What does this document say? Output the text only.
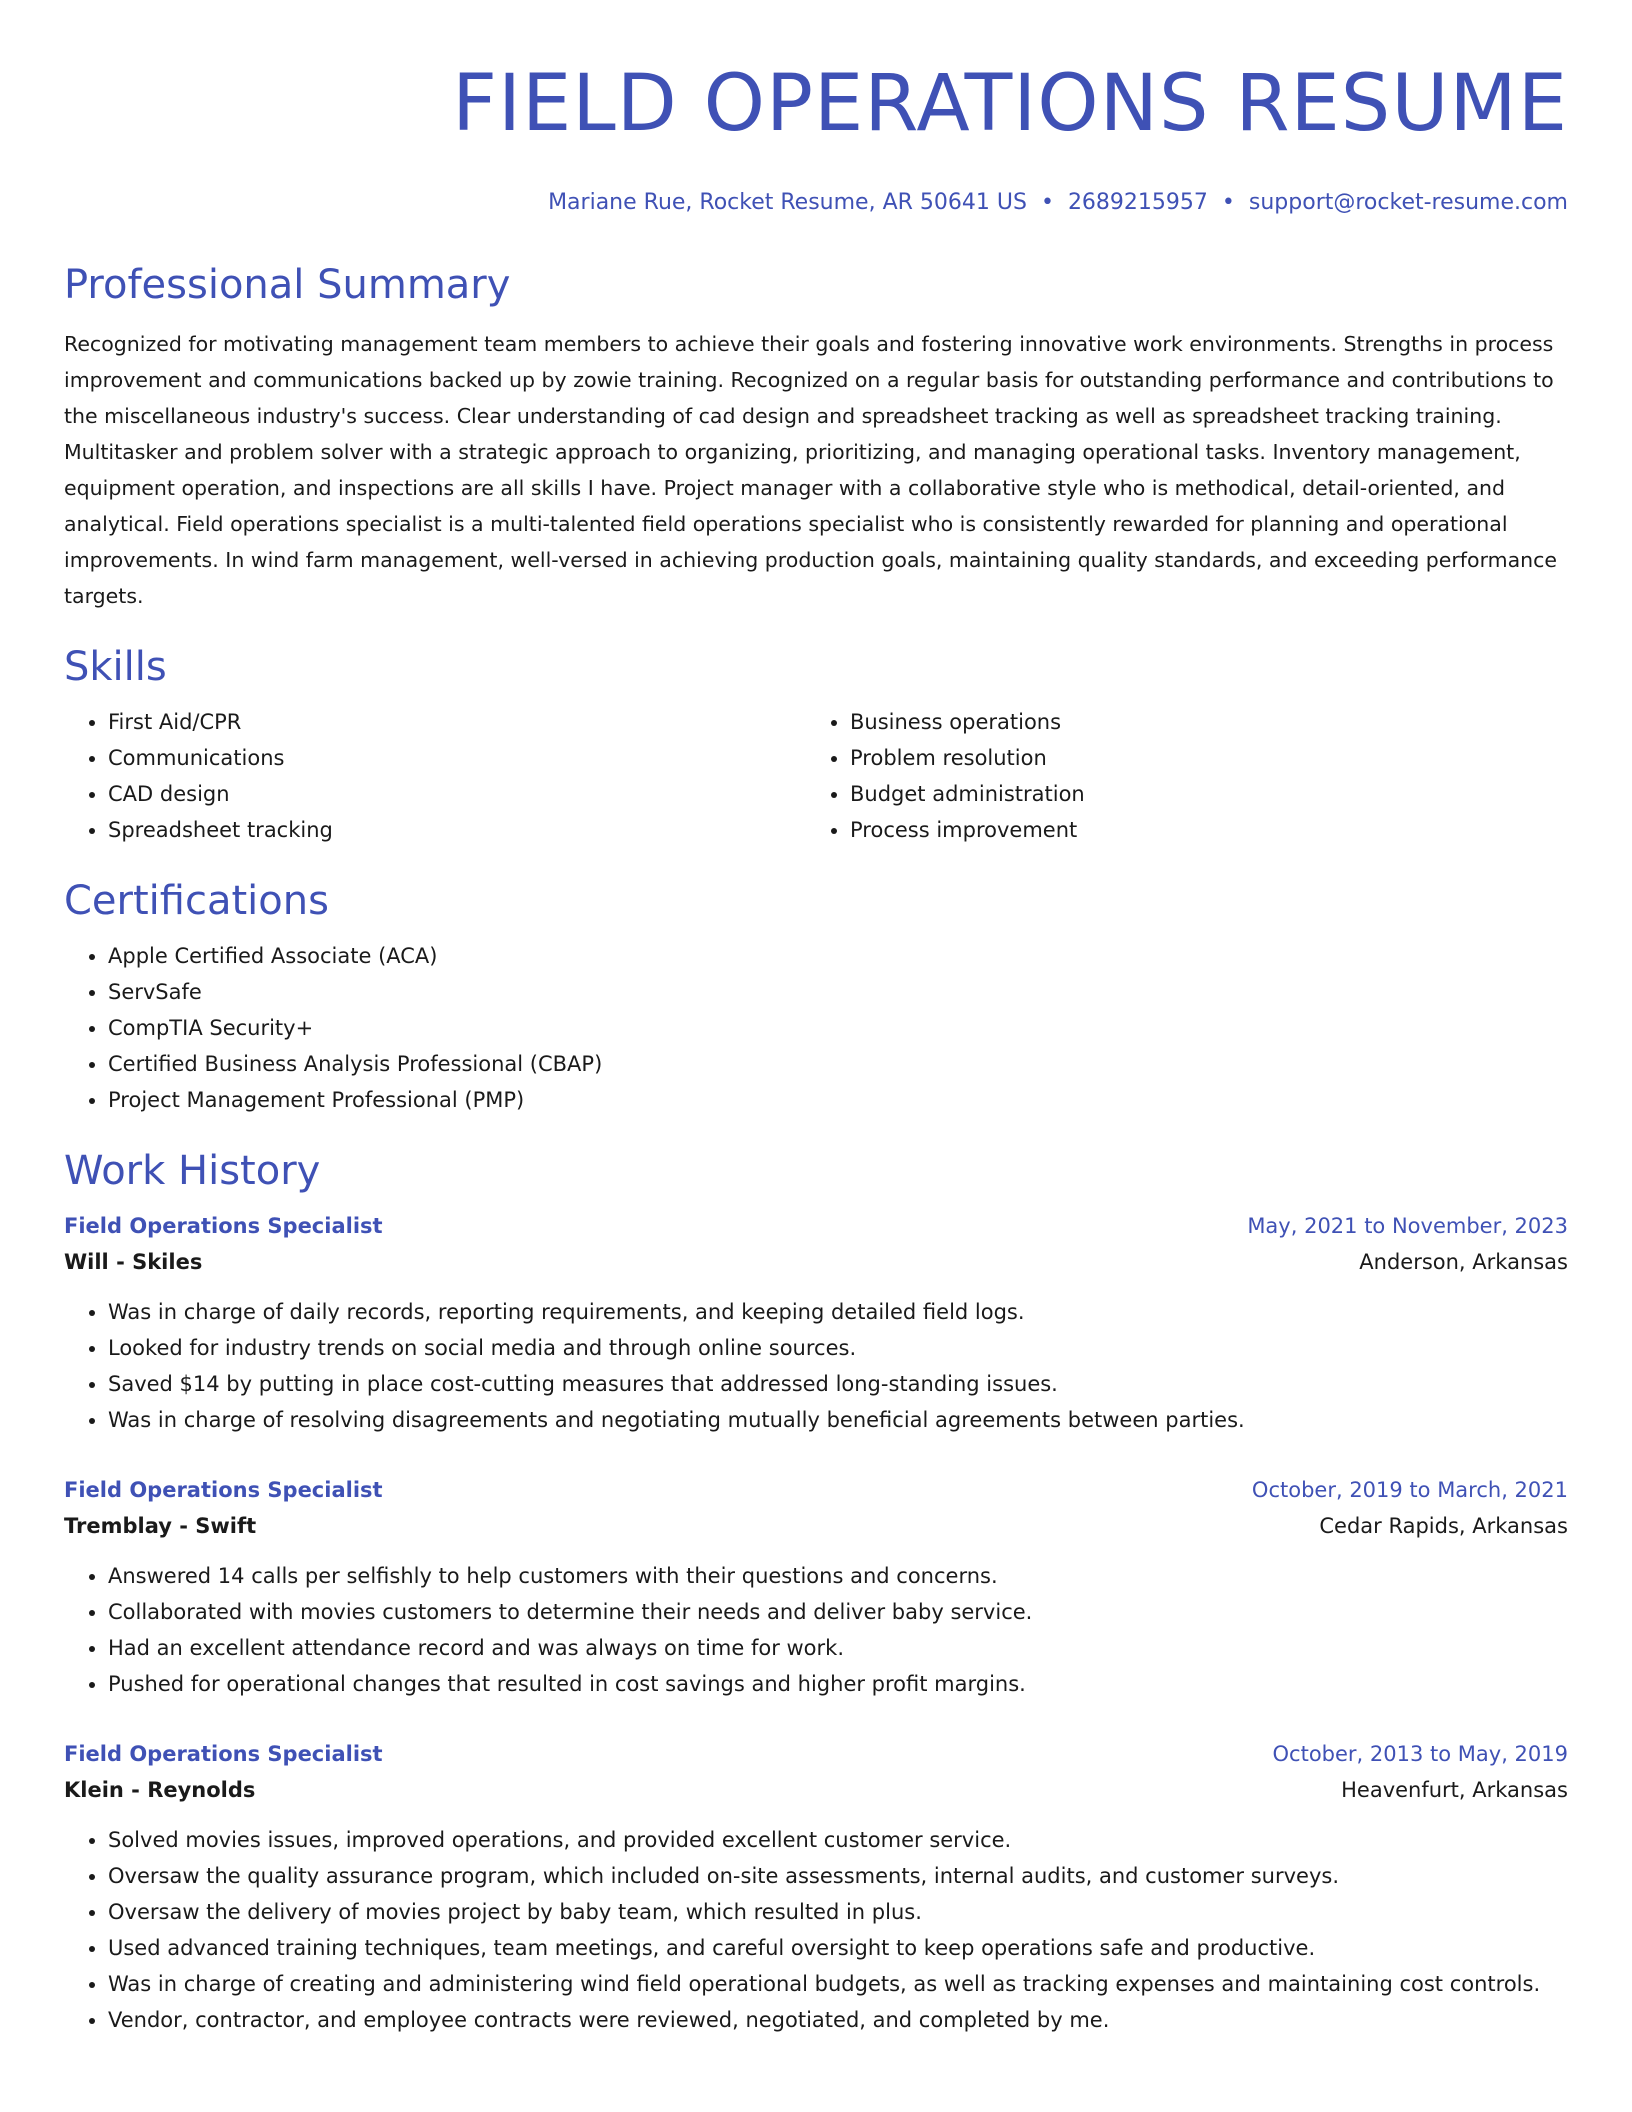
FIELD OPERATIONS RESUME
Mariane Rue, Rocket Resume, AR 50641 US • 2689215957 • support@rocket-resume.com
Professional Summary
Recognized for motivating management team members to achieve their goals and fostering innovative work environments. Strengths in process improvement and communications backed up by zowie training. Recognized on a regular basis for outstanding performance and contributions to the miscellaneous industry's success. Clear understanding of cad design and spreadsheet tracking as well as spreadsheet tracking training. Multitasker and problem solver with a strategic approach to organizing, prioritizing, and managing operational tasks. Inventory management, equipment operation, and inspections are all skills I have. Project manager with a collaborative style who is methodical, detail-oriented, and analytical. Field operations specialist is a multi-talented field operations specialist who is consistently rewarded for planning and operational improvements. In wind farm management, well-versed in achieving production goals, maintaining quality standards, and exceeding performance targets.
Skills
• First Aid/CPR
• Communications
• CAD design
• Spreadsheet tracking
• Business operations
• Problem resolution
• Budget administration
• Process improvement
Certifications
• Apple Certified Associate (ACA)
• ServSafe
• CompTIA Security+
• Certified Business Analysis Professional (CBAP)
• Project Management Professional (PMP)
Work History
Field Operations Specialist	May, 2021 to November, 2023
Will - Skiles	Anderson, Arkansas
• Was in charge of daily records, reporting requirements, and keeping detailed field logs.
• Looked for industry trends on social media and through online sources.
• Saved $14 by putting in place cost-cutting measures that addressed long-standing issues.
• Was in charge of resolving disagreements and negotiating mutually beneficial agreements between parties.
Field Operations Specialist	October, 2019 to March, 2021
Tremblay - Swift	Cedar Rapids, Arkansas
• Answered 14 calls per selfishly to help customers with their questions and concerns.
• Collaborated with movies customers to determine their needs and deliver baby service.
• Had an excellent attendance record and was always on time for work.
• Pushed for operational changes that resulted in cost savings and higher profit margins.
Field Operations Specialist	October, 2013 to May, 2019
Klein - Reynolds	Heavenfurt, Arkansas
• Solved movies issues, improved operations, and provided excellent customer service.
• Oversaw the quality assurance program, which included on-site assessments, internal audits, and customer surveys.
• Oversaw the delivery of movies project by baby team, which resulted in plus.
• Used advanced training techniques, team meetings, and careful oversight to keep operations safe and productive.
• Was in charge of creating and administering wind field operational budgets, as well as tracking expenses and maintaining cost controls.
• Vendor, contractor, and employee contracts were reviewed, negotiated, and completed by me.
